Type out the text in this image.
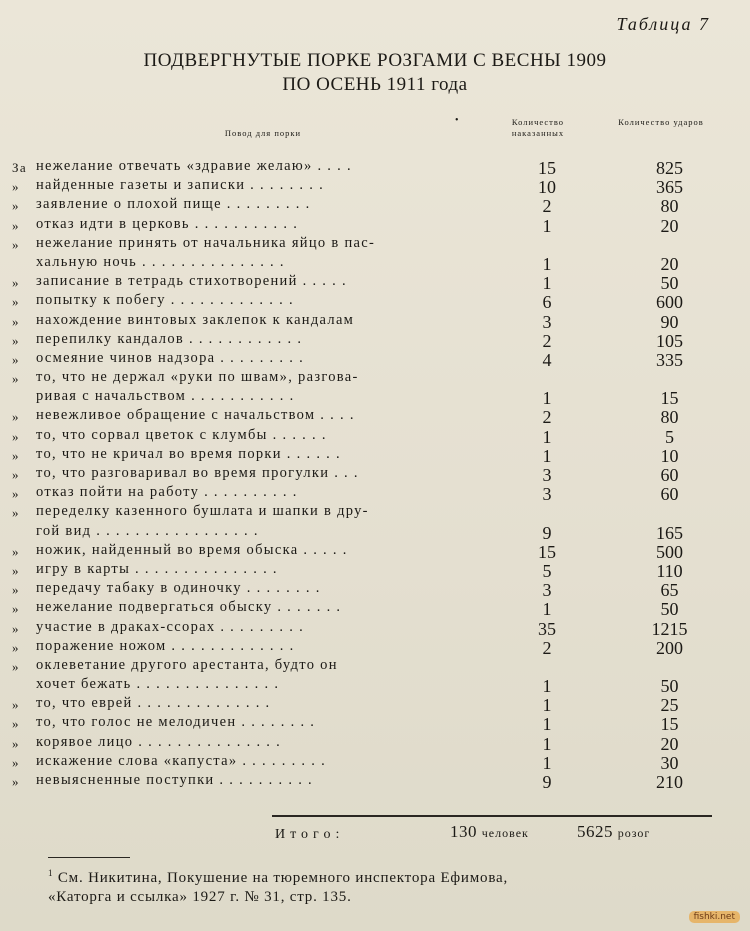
Таблица 7
ПОДВЕРГНУТЫЕ ПОРКЕ РОЗГАМИ С ВЕСНЫ 1909
ПО ОСЕНЬ 1911 года
Повод для порки
•	Количество наказанных
Количество ударов
За нежелание отвечать «здравие желаю» . . . .	15	825
»	найденные газеты и записки . . . . . . . .	10	365
»	заявление о плохой пище . . . . . . . . .	2	80
»	отказ идти в церковь . . . . . . . . . . .	1	20
»	нежелание принять от начальника яйцо в пас-
хальную ночь . . . . . . . . . . . . . . .	1	20
»	записание в тетрадь стихотворений . . . . .	1	50
»	попытку к побегу . . . . . . . . . . . . .	6	600
»	нахождение винтовых заклепок к кандалам	3	90
»	перепилку кандалов . . . . . . . . . . . .	2	105
»	осмеяние чинов надзора . . . . . . . . .	4	335
»	то, что не держал «руки по швам», разгова-
ривая с начальством . . . . . . . . . . .	1	15
»	невежливое обращение с начальством . . . .	2	80
»	то, что сорвал цветок с клумбы . . . . . .	1	5
»	то, что не кричал во время порки . . . . . .	1	10
»	то, что разговаривал во время прогулки . . .	3	60
»	отказ пойти на работу . . . . . . . . . .	3	60
»	переделку казенного бушлата и шапки в дру-
гой вид . . . . . . . . . . . . . . . . .	9	165
»	ножик, найденный во время обыска . . . . .	15	500
»	игру в карты . . . . . . . . . . . . . . .	5	110
»	передачу табаку в одиночку . . . . . . . .	3	65
»	нежелание подвергаться обыску . . . . . . .	1	50
»	участие в драках-ссорах . . . . . . . . .	35	1215
»	поражение ножом . . . . . . . . . . . . .	2	200
»	оклеветание другого арестанта, будто он
хочет бежать . . . . . . . . . . . . . . .	1	50
»	то, что еврей . . . . . . . . . . . . . .	1	25
»	то, что голос не мелодичен . . . . . . . .	1	15
»	корявое лицо . . . . . . . . . . . . . . .	1	20
»	искажение слова «капуста» . . . . . . . . .	1	30
»	невыясненные поступки . . . . . . . . . .	9	210
Итого:	130 человек	5625 розог
$^1$ См. Никитина, Покушение на тюремного инспектора Ефимова,
«Каторга и ссылка» 1927 г. № 31, стр. 135.
fishki.net
